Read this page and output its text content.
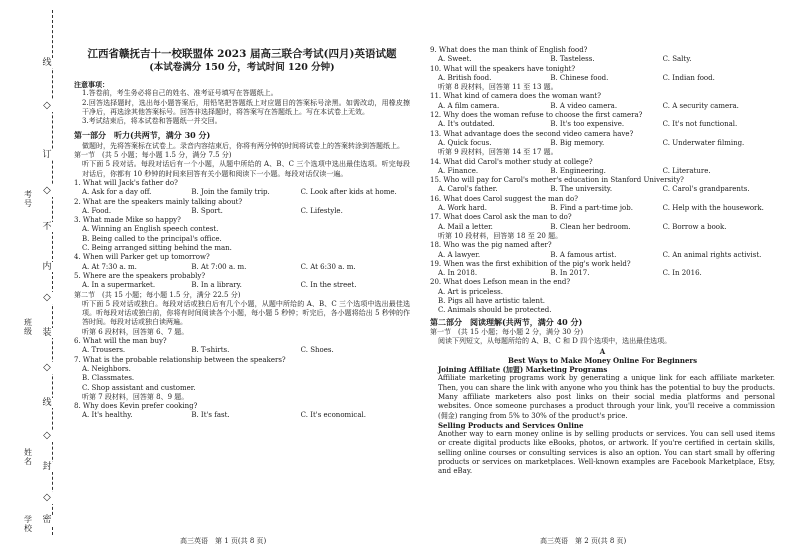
线
◇
订
◇
不
内
◇
装
◇
线
◇
封
◇
密
考号
班级
姓名
学校
江西省赣抚吉十一校联盟体 2023 届高三联合考试(四月)英语试题
(本试卷满分 150 分，考试时间 120 分钟)

注意事项：

1.答卷前，考生务必将自己的姓名、准考证号填写在答题纸上。

2.回答选择题时，选出每小题答案后，用铅笔把答题纸上对应题目的答案标号涂黑。如需改动，用橡皮擦干净后，再选涂其他答案标号。回答非选择题时，将答案写在答题纸上。写在本试卷上无效。

3.考试结束后，将本试卷和答题纸一并交回。

第一部分　听力(共两节，满分 30 分)

做题时，先将答案标在试卷上。录音内容结束后，你将有两分钟的时间将试卷上的答案转涂到答题纸上。

第一节　(共 5 小题；每小题 1.5 分，满分 7.5 分)

听下面 5 段对话。每段对话后有一个小题，从题中所给的 A、B、C 三个选项中选出最佳选项。听完每段对话后，你都有 10 秒钟的时间来回答有关小题和阅读下一小题。每段对话仅读一遍。

1. What will Jack's father do?

A. Ask for a day off.	B. Join the family trip.	C. Look after kids at home.

2. What are the speakers mainly talking about?

A. Food.	B. Sport.	C. Lifestyle.

3. What made Mike so happy?

A. Winning an English speech contest.

B. Being called to the principal's office.

C. Being arranged sitting behind the man.

4. When will Parker get up tomorrow?

A. At 7:30 a. m.	B. At 7:00 a. m.	C. At 6:30 a. m.

5. Where are the speakers probably?

A. In a supermarket.	B. In a library.	C. In the street.

第二节　(共 15 小题；每小题 1.5 分，满分 22.5 分)

听下面 5 段对话或独白。每段对话或独白后有几个小题，从题中所给的 A、B、C 三个选项中选出最佳选项。听每段对话或独白前，你将有时间阅读各个小题，每小题 5 秒钟；听完后，各小题将给出 5 秒钟的作答时间。每段对话或独白读两遍。

听第 6 段材料，回答第 6、7 题。

6. What will the man buy?

A. Trousers.	B. T-shirts.	C. Shoes.

7. What is the probable relationship between the speakers?

A. Neighbors.

B. Classmates.

C. Shop assistant and customer.

听第 7 段材料，回答第 8、9 题。

8. Why does Kevin prefer cooking?

A. It's healthy.	B. It's fast.	C. It's economical.

9. What does the man think of English food?

A. Sweet.	B. Tasteless.	C. Salty.

10. What will the speakers have tonight?

A. British food.	B. Chinese food.	C. Indian food.

听第 8 段材料，回答第 11 至 13 题。

11. What kind of camera does the woman want?

A. A film camera.	B. A video camera.	C. A security camera.

12. Why does the woman refuse to choose the first camera?

A. It's outdated.	B. It's too expensive.	C. It's not functional.

13. What advantage does the second video camera have?

A. Quick focus.	B. Big memory.	C. Underwater filming.

听第 9 段材料，回答第 14 至 17 题。

14. What did Carol's mother study at college?

A. Finance.	B. Engineering.	C. Literature.

15. Who will pay for Carol's mother's education in Stanford University?

A. Carol's father.	B. The university.	C. Carol's grandparents.

16. What does Carol suggest the man do?

A. Work hard.	B. Find a part-time job.	C. Help with the housework.

17. What does Carol ask the man to do?

A. Mail a letter.	B. Clean her bedroom.	C. Borrow a book.

听第 10 段材料，回答第 18 至 20 题。

18. Who was the pig named after?

A. A lawyer.	B. A famous artist.	C. An animal rights activist.

19. When was the first exhibition of the pig's work held?

A. In 2018.	B. In 2017.	C. In 2016.

20. What does Lefson mean in the end?

A. Art is priceless.

B. Pigs all have artistic talent.

C. Animals should be protected.

第二部分　阅读理解(共两节，满分 40 分)

第一节　(共 15 小题；每小题 2 分，满分 30 分)

阅读下列短文，从每题所给的 A、B、C 和 D 四个选项中，选出最佳选项。

A

Best Ways to Make Money Online For Beginners

Joining Affiliate (加盟) Marketing Programs

Affiliate marketing programs work by generating a unique link for each affiliate marketer. Then, you can share the link with anyone who you think has the potential to buy the products. Many affiliate marketers also post links on their social media platforms and personal websites. Once someone purchases a product through your link, you'll receive a commission (佣金) ranging from 5% to 30% of the product's price.

Selling Products and Services Online

Another way to earn money online is by selling products or services. You can sell used items or create digital products like eBooks, photos, or artwork. If you're certified in certain skills, selling online courses or consulting services is also an option. You can start small by offering products or services on marketplaces. Well-known examples are Facebook Marketplace, Etsy, and eBay.

高三英语　第 1 页(共 8 页)	高三英语　第 2 页(共 8 页)
